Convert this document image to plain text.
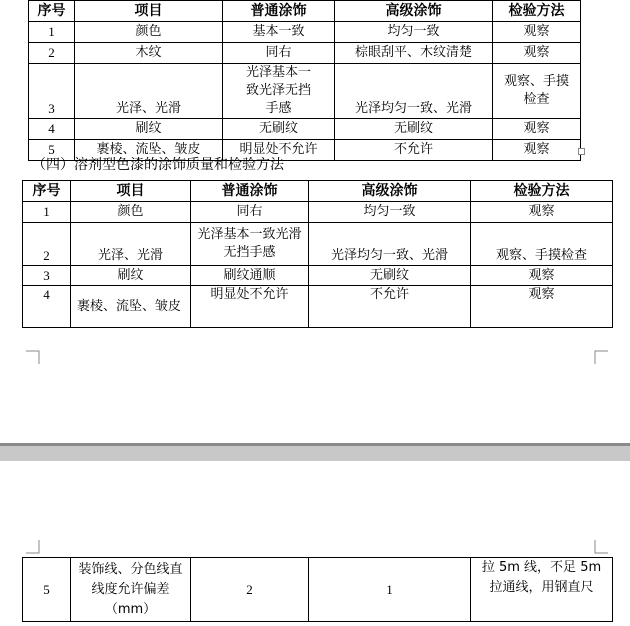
序号	项目	普通涂饰	高级涂饰	检验方法
1	颜色	基本一致	均匀一致	观察
2	木纹	同右	棕眼刮平、木纹清楚	观察
3	光泽、光滑	光泽基本一致光泽无挡手感	光泽均匀一致、光滑	观察、手摸检查
4	刷纹	无刷纹	无刷纹	观察
5	裹棱、流坠、皱皮	明显处不允许	不允许	观察
（四）溶剂型色漆的涂饰质量和检验方法
序号	项目	普通涂饰	高级涂饰	检验方法
1	颜色	同右	均匀一致	观察
2	光泽、光滑	光泽基本一致光滑无挡手感	光泽均匀一致、光滑	观察、手摸检查
3	刷纹	刷纹通顺	无刷纹	观察
4	裹棱、流坠、皱皮	明显处不允许	不允许	观察
5	装饰线、分色线直线度允许偏差（mm）	2	1	拉 5m 线，不足 5m 拉通线，用钢直尺
